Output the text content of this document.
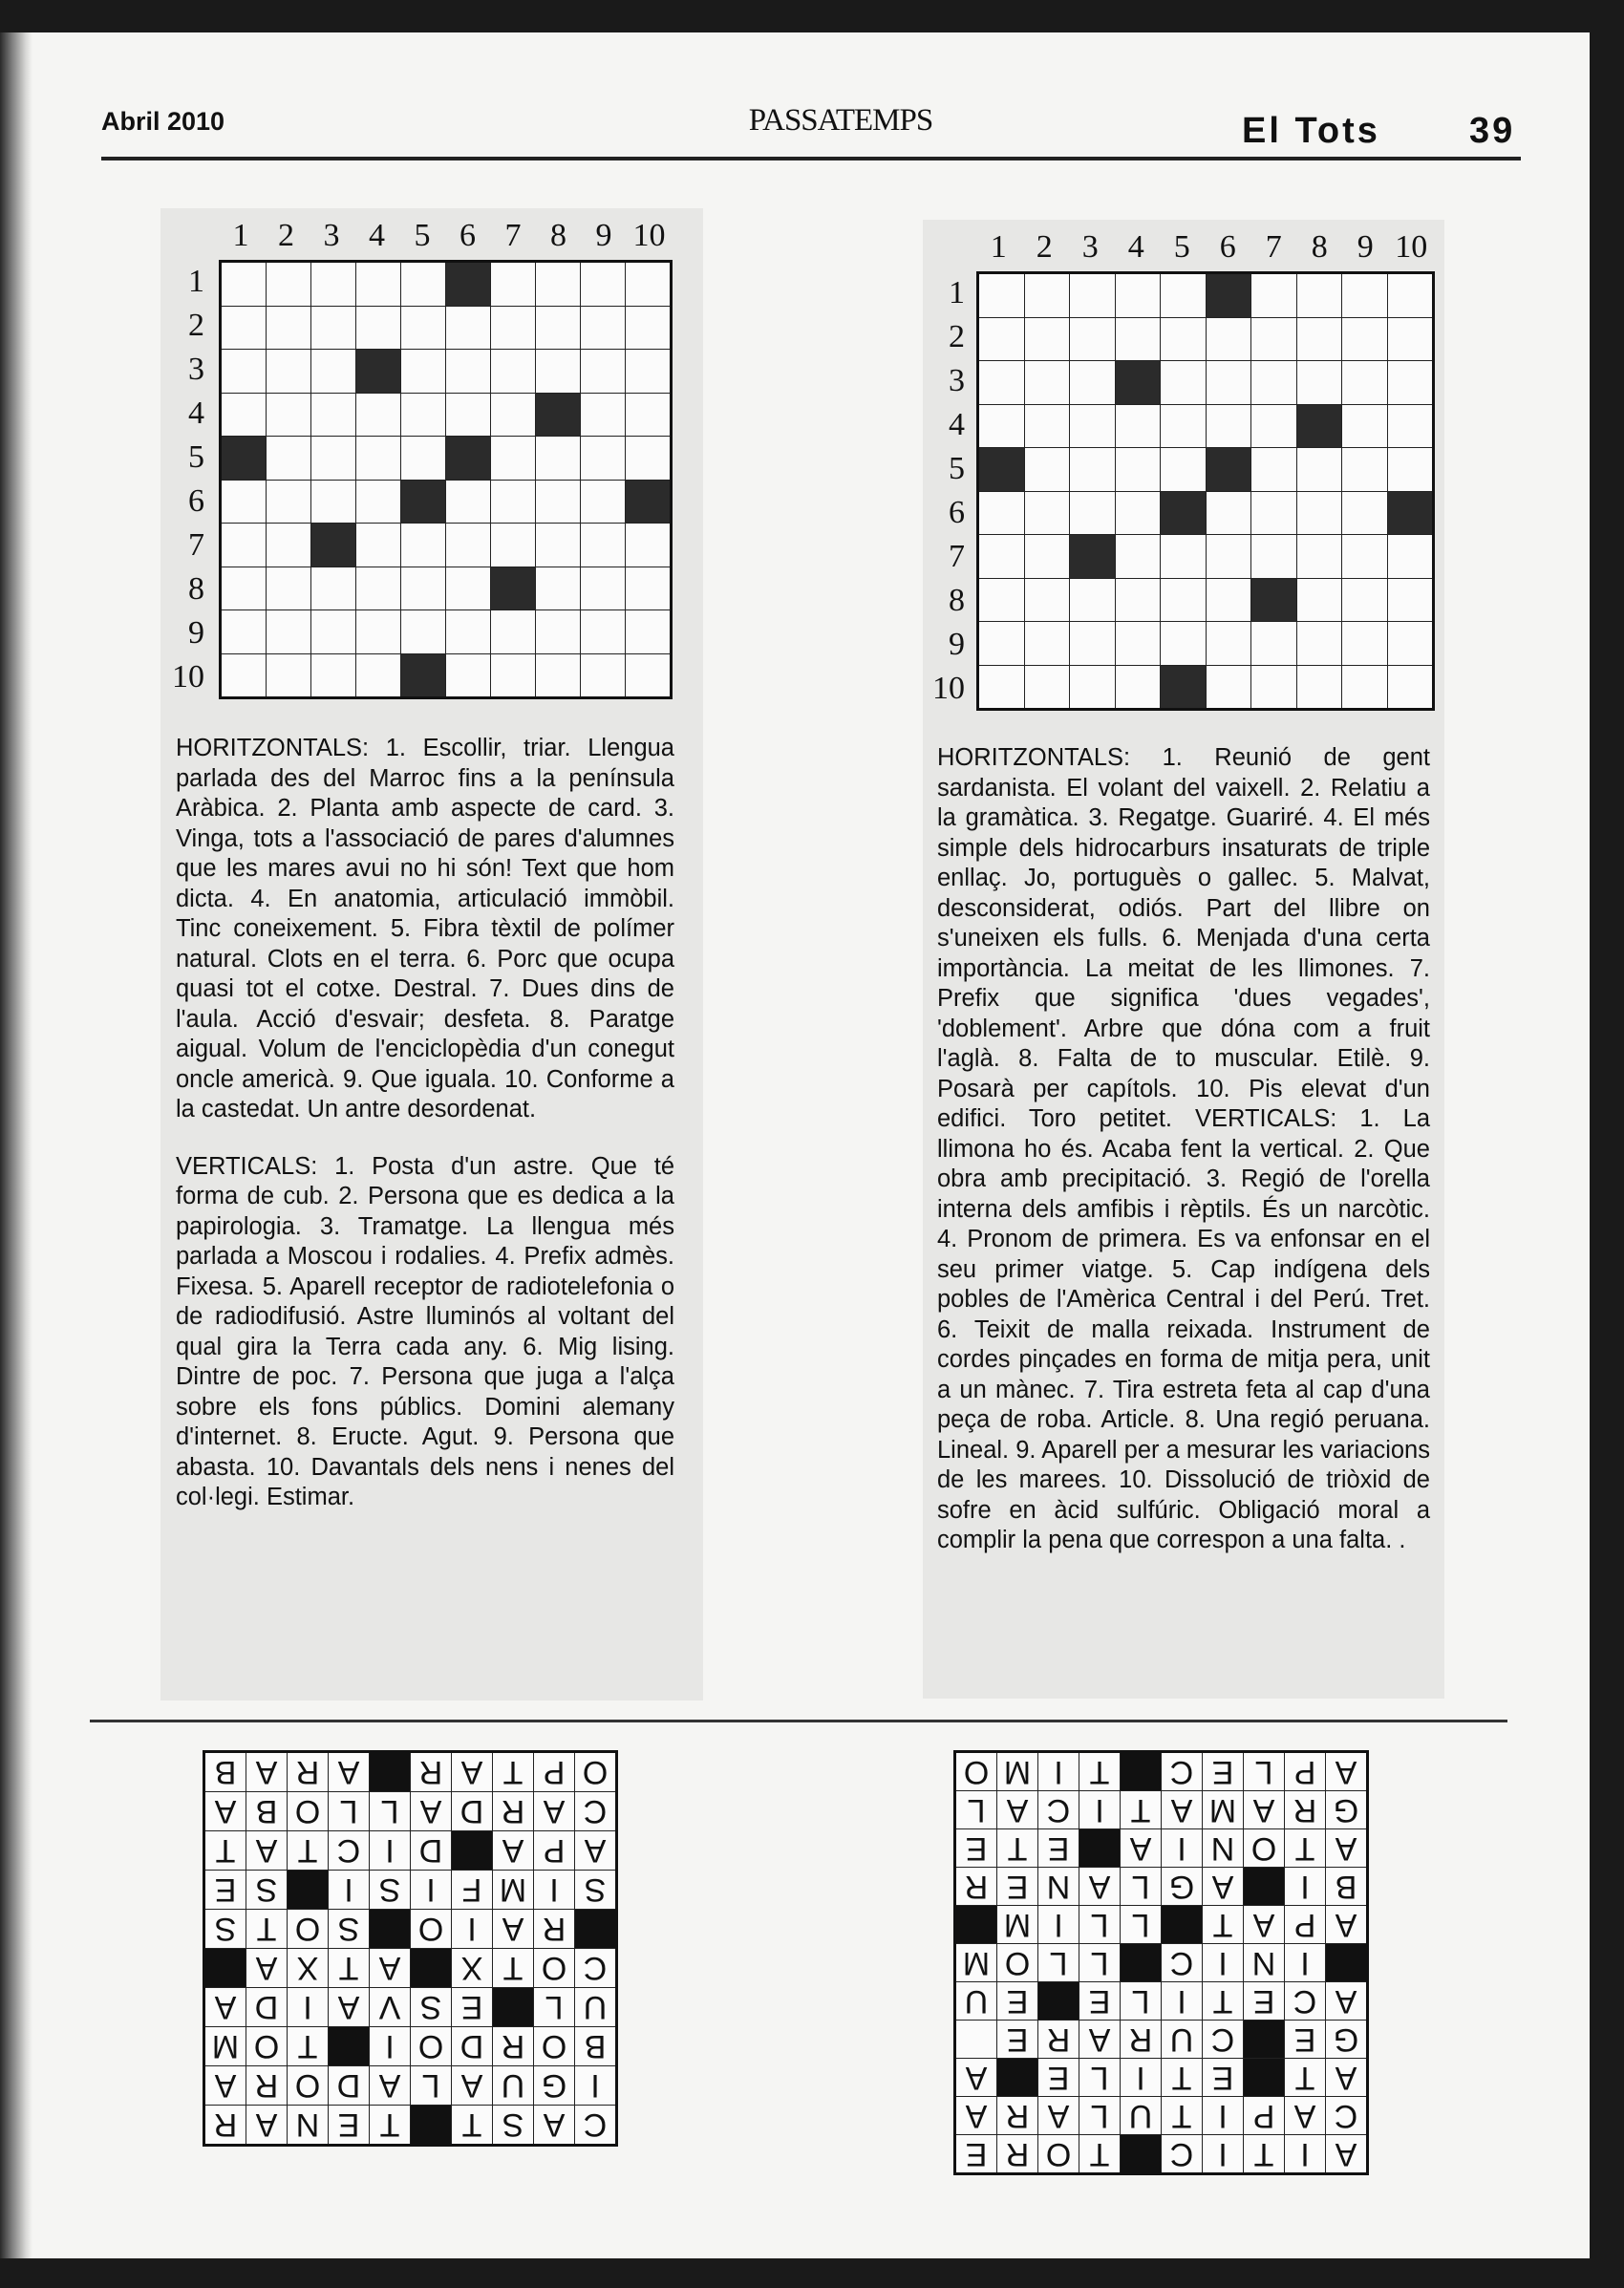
Abril 2010	PASSATEMPS	El Tots 39
1 2 3 4 5 6 7 8 9 10
1
2
3
4
5
6
7
8
9
10

HORITZONTALS: 1. Escollir, triar. Llengua parlada des del Marroc fins a la península Aràbica. 2. Planta amb aspecte de card. 3. Vinga, tots a l'associació de pares d'alumnes que les mares avui no hi són! Text que hom dicta. 4. En anatomia, articulació immòbil. Tinc coneixement. 5. Fibra tèxtil de polímer natural. Clots en el terra. 6. Porc que ocupa quasi tot el cotxe. Destral. 7. Dues dins de l'aula. Acció d'esvair; desfeta. 8. Paratge aigual. Volum de l'enciclopèdia d'un conegut oncle americà. 9. Que iguala. 10. Conforme a la castedat. Un antre desordenat.

VERTICALS: 1. Posta d'un astre. Que té forma de cub. 2. Persona que es dedica a la papirologia. 3. Tramatge. La llengua més parlada a Moscou i rodalies. 4. Prefix admès. Fixesa. 5. Aparell receptor de radiotelefonia o de radiodifusió. Astre lluminós al voltant del qual gira la Terra cada any. 6. Mig lising. Dintre de poc. 7. Persona que juga a l'alça sobre els fons públics. Domini alemany d'internet. 8. Eructe. Agut. 9. Persona que abasta. 10. Davantals dels nens i nenes del col·legi. Estimar.

1 2 3 4 5 6 7 8 9 10
1
2
3
4
5
6
7
8
9
10

HORITZONTALS: 1. Reunió de gent sardanista. El volant del vaixell. 2. Relatiu a la gramàtica. 3. Regatge. Guariré. 4. El més simple dels hidrocarburs insaturats de triple enllaç. Jo, portuguès o gallec. 5. Malvat, desconsiderat, odiós. Part del llibre on s'uneixen els fulls. 6. Menjada d'una certa importància. La meitat de les llimones. 7. Prefix que significa 'dues vegades', 'doblement'. Arbre que dóna com a fruit l'aglà. 8. Falta de to muscular. Etilè. 9. Posarà per capítols. 10. Pis elevat d'un edifici. Toro petitet. VERTICALS: 1. La llimona ho és. Acaba fent la vertical. 2. Que obra amb precipitació. 3. Regió de l'orella interna dels amfibis i rèptils. És un narcòtic. 4. Pronom de primera. Es va enfonsar en el seu primer viatge. 5. Cap indígena dels pobles de l'Amèrica Central i del Perú. Tret. 6. Teixit de malla reixada. Instrument de cordes pinçades en forma de mitja pera, unit a un mànec. 7. Tira estreta feta al cap d'una peça de roba. Article. 8. Una regió peruana. Lineal. 9. Aparell per a mesurar les variacions de les marees. 10. Dissolució de triòxid de sofre en àcid sulfúric. Obligació moral a complir la pena que correspon a una falta. .

C	A	S	T		T	E	N	A	R
I	G	U	A	L	A	D	O	R	A
B	O	R	D	O	I		T	O	M
U	L		E	S	V	A	I	D	A
C	O	T	X		A	T	X	A	
	R	A	I	O		S	O	T	S
S	I	M	F	I	S	I		S	E
A	P	A		D	I	C	T	A	T
C	A	R	D	A	L	L	O	B	A
O	P	T	A	R		A	R	A	B
A	I	T	I	C		T	O	R	E
C	A	P	I	T	U	L	A	R	A
A	T		E	T	I	L	E		A
G	E		C	U	R	A	R	E	
A	C	E	T	I	L	E		E	U
	I	N	I	C		L	L	O	M
A	P	A	T		L	L	I	M	
B	I		A	G	L	A	N	E	R
A	T	O	N	I	A		E	T	E
G	R	A	M	A	T	I	C	A	L
A	P	L	E	C		T	I	M	O
